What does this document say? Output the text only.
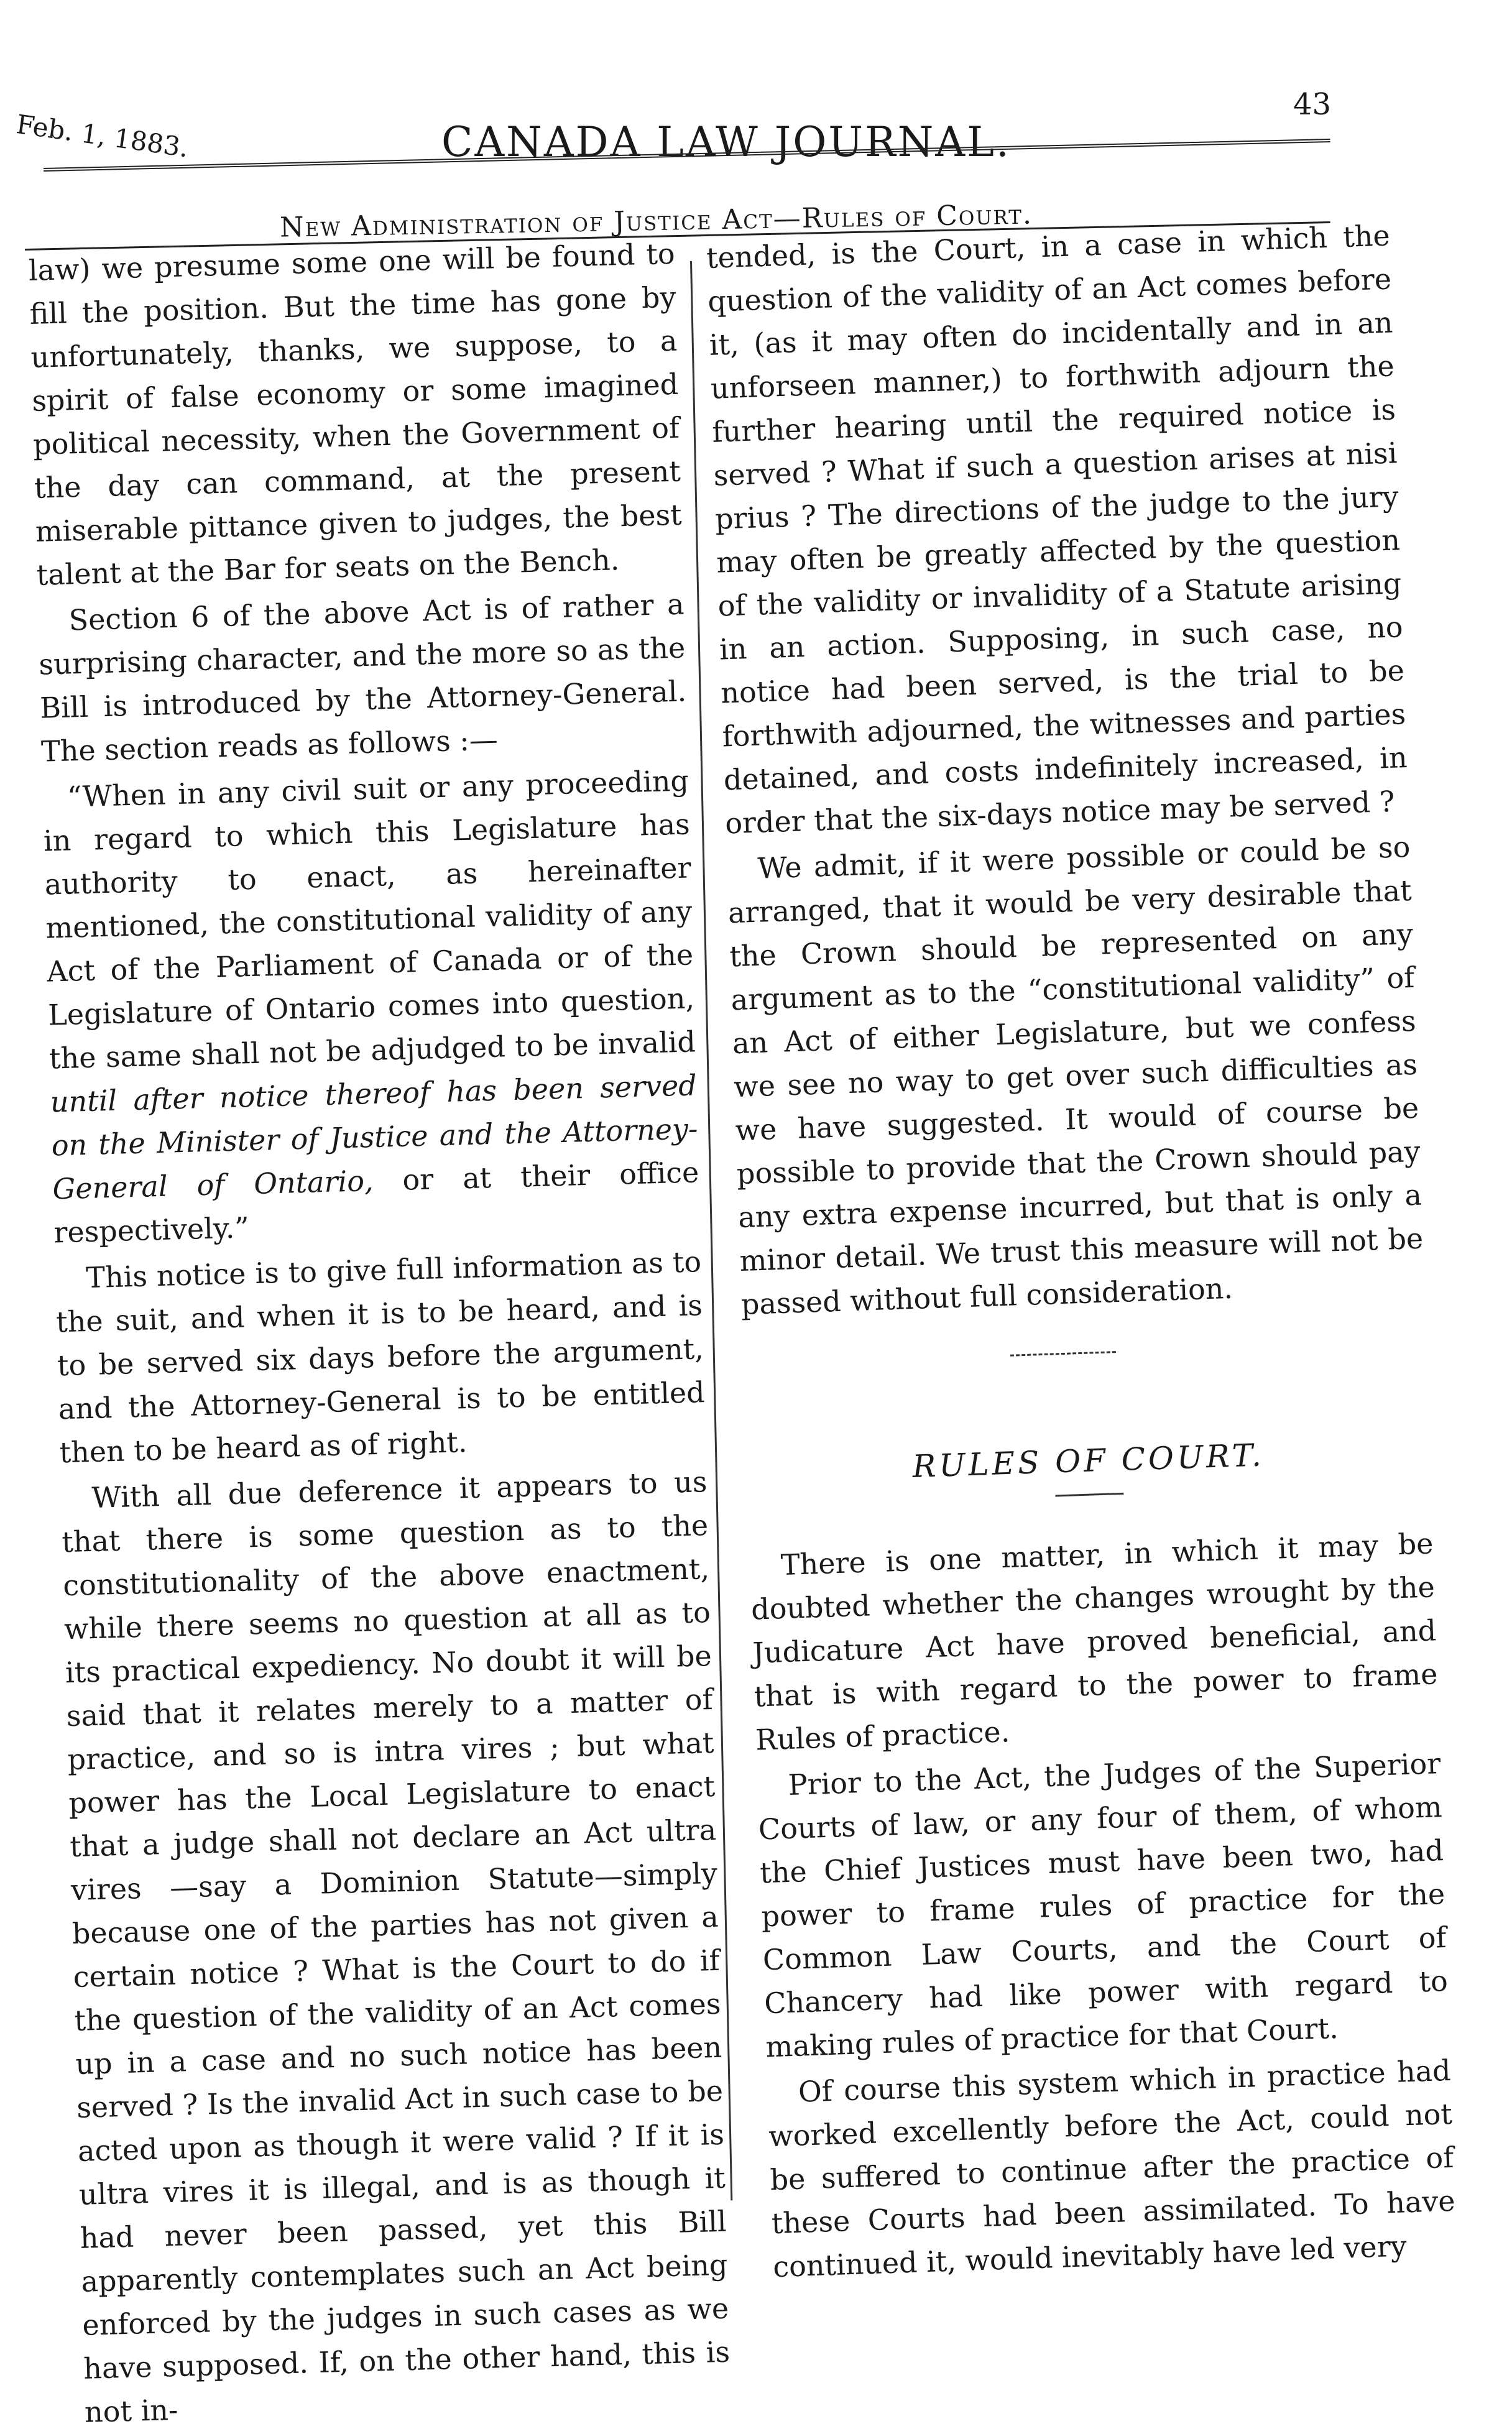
Feb. 1, 1883.	CANADA LAW JOURNAL.
43
New Administration of Justice Act—Rules of Court.

law) we presume some one will be found to fill the position. But the time has gone by unfortunately, thanks, we suppose, to a spirit of false economy or some imagined political necessity, when the Government of the day can command, at the present miserable pittance given to judges, the best talent at the Bar for seats on the Bench.

Section 6 of the above Act is of rather a surprising character, and the more so as the Bill is introduced by the Attorney-General. The section reads as follows :—

“When in any civil suit or any proceeding in regard to which this Legislature has authority to enact, as hereinafter mentioned, the constitutional validity of any Act of the Parliament of Canada or of the Legislature of Ontario comes into question, the same shall not be adjudged to be invalid until after notice thereof has been served on the Minister of Justice and the Attorney-General of Ontario, or at their office respectively.”

This notice is to give full information as to the suit, and when it is to be heard, and is to be served six days before the argument, and the Attorney-General is to be entitled then to be heard as of right.

With all due deference it appears to us that there is some question as to the constitutionality of the above enactment, while there seems no question at all as to its practical expediency. No doubt it will be said that it relates merely to a matter of practice, and so is intra vires ; but what power has the Local Legislature to enact that a judge shall not declare an Act ultra vires —say a Dominion Statute—simply because one of the parties has not given a certain notice ? What is the Court to do if the question of the validity of an Act comes up in a case and no such notice has been served ? Is the invalid Act in such case to be acted upon as though it were valid ? If it is ultra vires it is illegal, and is as though it had never been passed, yet this Bill apparently contemplates such an Act being enforced by the judges in such cases as we have supposed. If, on the other hand, this is not in-

tended, is the Court, in a case in which the question of the validity of an Act comes before it, (as it may often do incidentally and in an unforseen manner,) to forthwith adjourn the further hearing until the required notice is served ? What if such a question arises at nisi prius ? The directions of the judge to the jury may often be greatly affected by the question of the validity or invalidity of a Statute arising in an action. Supposing, in such case, no notice had been served, is the trial to be forthwith adjourned, the witnesses and parties detained, and costs indefinitely increased, in order that the six-days notice may be served ?

We admit, if it were possible or could be so arranged, that it would be very desirable that the Crown should be represented on any argument as to the “constitutional validity” of an Act of either Legislature, but we confess we see no way to get over such difficulties as we have suggested. It would of course be possible to provide that the Crown should pay any extra expense incurred, but that is only a minor detail. We trust this measure will not be passed without full consideration.

RULES OF COURT.

There is one matter, in which it may be doubted whether the changes wrought by the Judicature Act have proved beneficial, and that is with regard to the power to frame Rules of practice.

Prior to the Act, the Judges of the Superior Courts of law, or any four of them, of whom the Chief Justices must have been two, had power to frame rules of practice for the Common Law Courts, and the Court of Chancery had like power with regard to making rules of practice for that Court.

Of course this system which in practice had worked excellently before the Act, could not be suffered to continue after the practice of these Courts had been assimilated. To have continued it, would inevitably have led very
